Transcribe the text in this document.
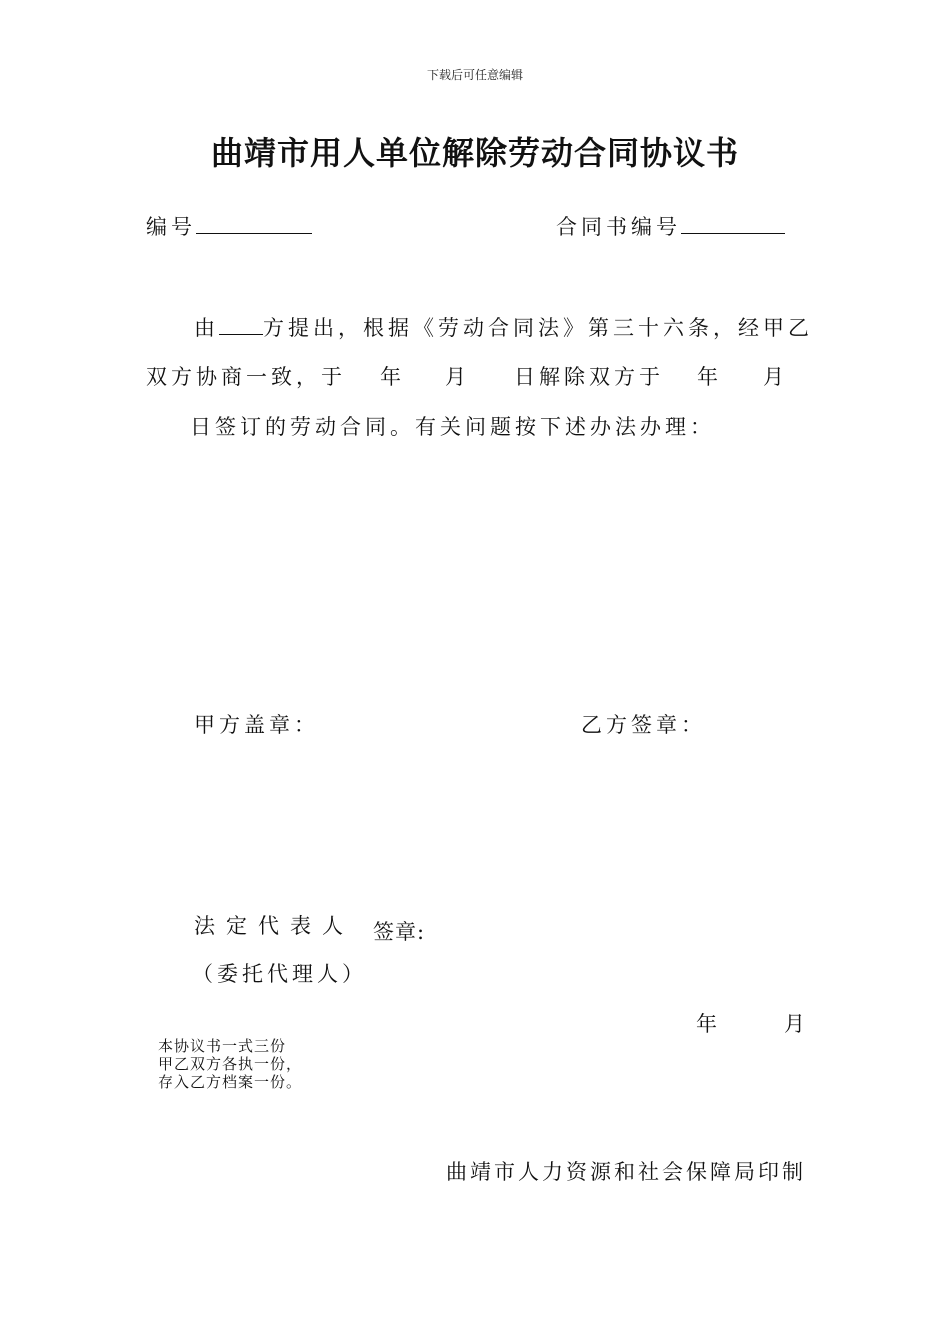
下载后可任意编辑
曲靖市用人单位解除劳动合同协议书
编号	合同书编号
由 方提出，根据《劳动合同法》第三十六条，经甲乙
双方协商一致，于 年 月 日解除双方于 年 月
日签订的劳动合同。有关问题按下述办法办理：
甲方盖章：	乙方签章：
法定代表人 签章:
（委托代理人）
年	月
本协议书一式三份
甲乙双方各执一份，
存入乙方档案一份。
曲靖市人力资源和社会保障局印制
